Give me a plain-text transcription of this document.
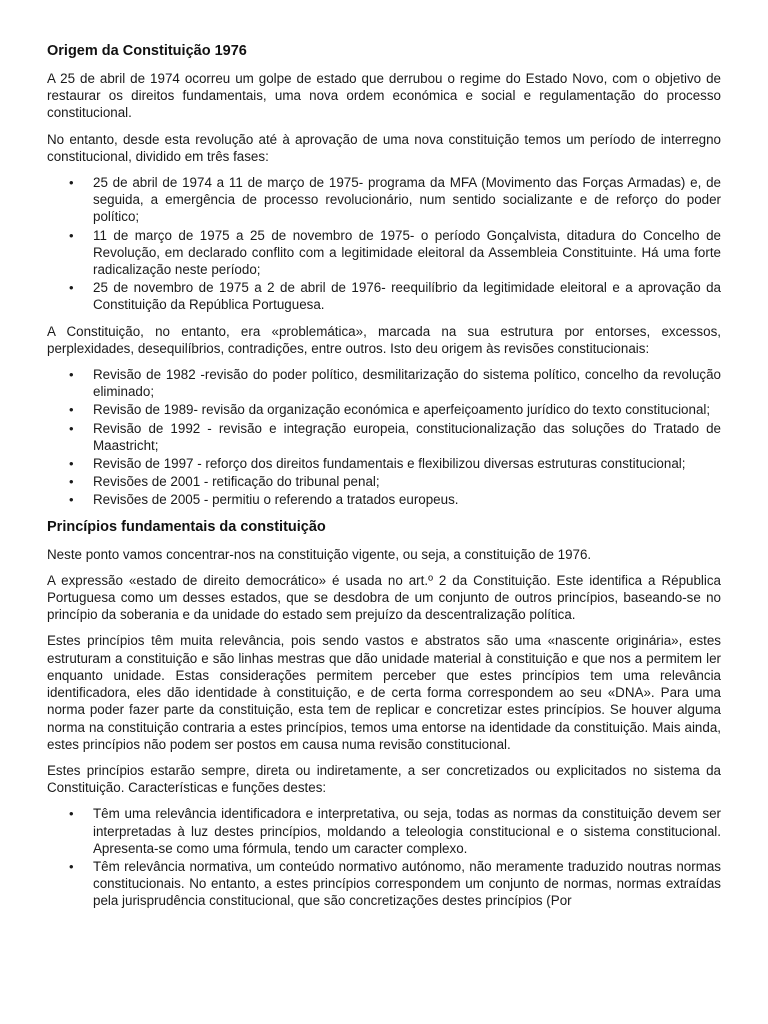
Origem da Constituição 1976

A 25 de abril de 1974 ocorreu um golpe de estado que derrubou o regime do Estado Novo, com o objetivo de restaurar os direitos fundamentais, uma nova ordem económica e social e regulamentação do processo constitucional.

No entanto, desde esta revolução até à aprovação de uma nova constituição temos um período de interregno constitucional, dividido em três fases:

• 25 de abril de 1974 a 11 de março de 1975- programa da MFA (Movimento das Forças Armadas) e, de seguida, a emergência de processo revolucionário, num sentido socializante e de reforço do poder político;
• 11 de março de 1975 a 25 de novembro de 1975- o período Gonçalvista, ditadura do Concelho de Revolução, em declarado conflito com a legitimidade eleitoral da Assembleia Constituinte. Há uma forte radicalização neste período;
• 25 de novembro de 1975 a 2 de abril de 1976- reequilíbrio da legitimidade eleitoral e a aprovação da Constituição da República Portuguesa.

A Constituição, no entanto, era «problemática», marcada na sua estrutura por entorses, excessos, perplexidades, desequilíbrios, contradições, entre outros. Isto deu origem às revisões constitucionais:

• Revisão de 1982 -revisão do poder político, desmilitarização do sistema político, concelho da revolução eliminado;
• Revisão de 1989- revisão da organização económica e aperfeiçoamento jurídico do texto constitucional;
• Revisão de 1992 - revisão e integração europeia, constitucionalização das soluções do Tratado de Maastricht;
• Revisão de 1997 - reforço dos direitos fundamentais e flexibilizou diversas estruturas constitucional;
• Revisões de 2001 - retificação do tribunal penal;
• Revisões de 2005 - permitiu o referendo a tratados europeus.
Princípios fundamentais da constituição

Neste ponto vamos concentrar-nos na constituição vigente, ou seja, a constituição de 1976.

A expressão «estado de direito democrático» é usada no art.º 2 da Constituição. Este identifica a Républica Portuguesa como um desses estados, que se desdobra de um conjunto de outros princípios, baseando-se no princípio da soberania e da unidade do estado sem prejuízo da descentralização política.

Estes princípios têm muita relevância, pois sendo vastos e abstratos são uma «nascente originária», estes estruturam a constituição e são linhas mestras que dão unidade material à constituição e que nos a permitem ler enquanto unidade. Estas considerações permitem perceber que estes princípios tem uma relevância identificadora, eles dão identidade à constituição, e de certa forma correspondem ao seu «DNA». Para uma norma poder fazer parte da constituição, esta tem de replicar e concretizar estes princípios. Se houver alguma norma na constituição contraria a estes princípios, temos uma entorse na identidade da constituição. Mais ainda, estes princípios não podem ser postos em causa numa revisão constitucional.

Estes princípios estarão sempre, direta ou indiretamente, a ser concretizados ou explicitados no sistema da Constituição. Características e funções destes:

• Têm uma relevância identificadora e interpretativa, ou seja, todas as normas da constituição devem ser interpretadas à luz destes princípios, moldando a teleologia constitucional e o sistema constitucional. Apresenta-se como uma fórmula, tendo um caracter complexo.
• Têm relevância normativa, um conteúdo normativo autónomo, não meramente traduzido noutras normas constitucionais. No entanto, a estes princípios correspondem um conjunto de normas, normas extraídas pela jurisprudência constitucional, que são concretizações destes princípios (Por
